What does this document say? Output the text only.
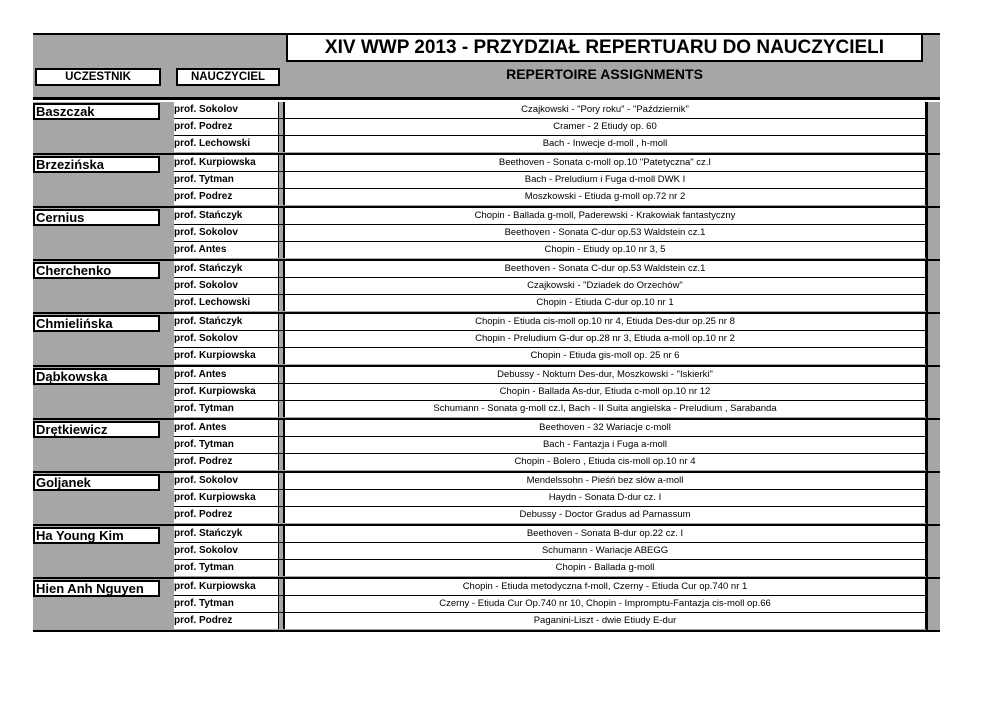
XIV WWP 2013 - PRZYDZIAŁ REPERTUARU DO NAUCZYCIELI
REPERTOIRE ASSIGNMENTS
UCZESTNIK	NAUCZYCIEL
Baszczak	prof. Sokolov	Czajkowski - "Pory roku" - "Październik"
prof. Podrez	Cramer - 2 Etiudy op. 60
prof. Lechowski	Bach - Inwecje d-moll , h-moll
Brzezińska	prof. Kurpiowska	Beethoven - Sonata c-moll op.10 "Patetyczna" cz.I
prof. Tytman	Bach - Preludium i Fuga d-moll DWK I
prof. Podrez	Moszkowski - Etiuda g-moll op.72 nr 2
Cernius	prof. Stańczyk	Chopin - Ballada g-moll, Paderewski - Krakowiak fantastyczny
prof. Sokolov	Beethoven - Sonata C-dur op.53 Waldstein cz.1
prof. Antes	Chopin - Etiudy op.10 nr 3, 5
Cherchenko	prof. Stańczyk	Beethoven - Sonata C-dur op.53 Waldstein cz.1
prof. Sokolov	Czajkowski - "Dziadek do Orzechów"
prof. Lechowski	Chopin - Etiuda C-dur op.10 nr 1
Chmielińska	prof. Stańczyk	Chopin - Etiuda cis-moll op.10 nr 4, Etiuda Des-dur op.25 nr 8
prof. Sokolov	Chopin - Preludium G-dur op.28 nr 3, Etiuda a-moll op.10 nr 2
prof. Kurpiowska	Chopin - Etiuda gis-moll op. 25 nr 6
Dąbkowska	prof. Antes	Debussy - Nokturn Des-dur, Moszkowski - "Iskierki"
prof. Kurpiowska	Chopin - Ballada As-dur, Etiuda c-moll op.10 nr 12
prof. Tytman	Schumann - Sonata g-moll cz.I, Bach - II Suita angielska - Preludium , Sarabanda
Drętkiewicz	prof. Antes	Beethoven - 32 Wariacje c-moll
prof. Tytman	Bach - Fantazja i Fuga a-moll
prof. Podrez	Chopin - Bolero , Etiuda cis-moll op.10 nr 4
Goljanek	prof. Sokolov	Mendelssohn - Pieśń bez słów a-moll
prof. Kurpiowska	Haydn - Sonata D-dur cz. I
prof. Podrez	Debussy - Doctor Gradus ad Parnassum
Ha Young Kim	prof. Stańczyk	Beethoven - Sonata B-dur op.22 cz. I
prof. Sokolov	Schumann - Wariacje ABEGG
prof. Tytman	Chopin - Ballada g-moll
Hien Anh Nguyen	prof. Kurpiowska	Chopin - Etiuda metodyczna f-moll, Czerny - Etiuda Cur op.740 nr 1
prof. Tytman	Czerny - Etiuda Cur Op.740 nr 10, Chopin - Impromptu-Fantazja cis-moll op.66
prof. Podrez	Paganini-Liszt - dwie Etiudy E-dur
